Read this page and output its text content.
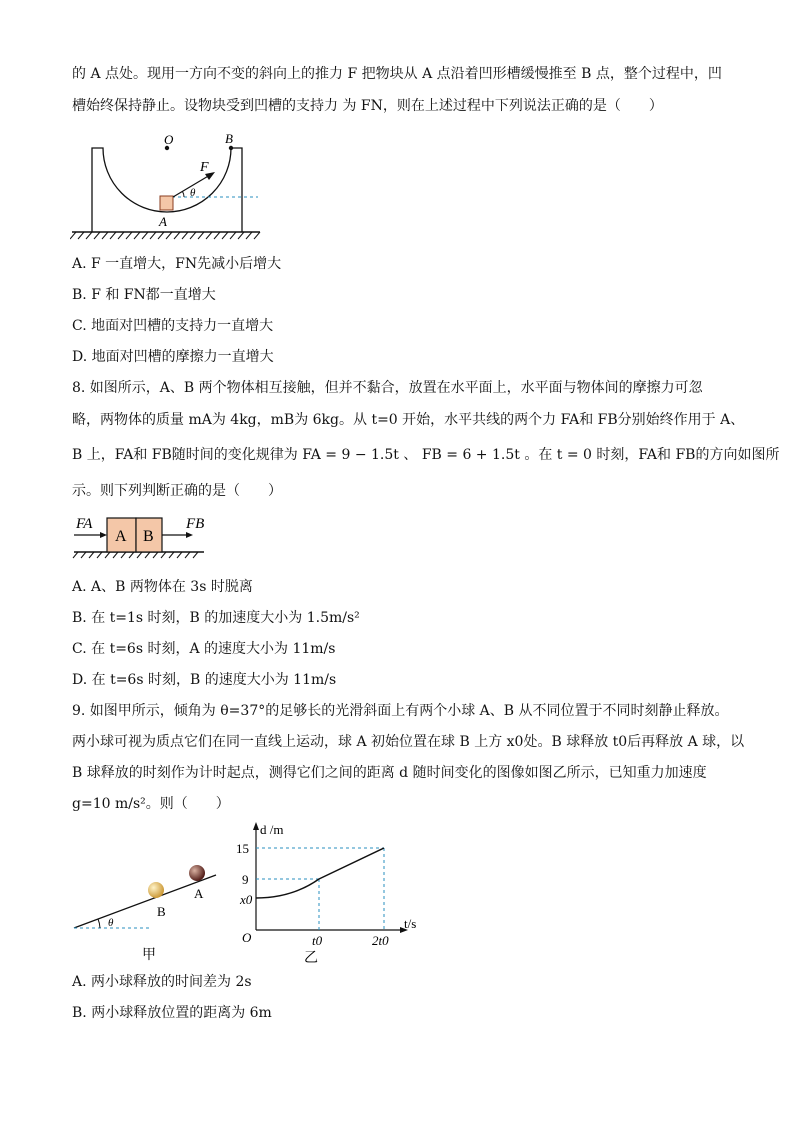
的 A 点处。现用一方向不变的斜向上的推力 F 把物块从 A 点沿着凹形槽缓慢推至 B 点，整个过程中，凹
槽始终保持静止。设物块受到凹槽的支持力 为 FN，则在上述过程中下列说法正确的是（　　）
O	B
F
θ
A
A. F 一直增大，FN先减小后增大
B. F 和 FN都一直增大
C. 地面对凹槽的支持力一直增大
D. 地面对凹槽的摩擦力一直增大
8. 如图所示，A、B 两个物体相互接触，但并不黏合，放置在水平面上，水平面与物体间的摩擦力可忽
略，两物体的质量 mA为 4kg，mB为 6kg。从 t=0 开始，水平共线的两个力 FA和 FB分别始终作用于 A、
B 上，FA和 FB随时间的变化规律为 FA = 9 − 1.5t 、 FB = 6 + 1.5t 。在 t = 0 时刻，FA和 FB的方向如图所
示。则下列判断正确的是（　　）
A B
FA	FB
A. A、B 两物体在 3s 时脱离
B. 在 t=1s 时刻，B 的加速度大小为 1.5m/s²
C. 在 t=6s 时刻，A 的速度大小为 11m/s
D. 在 t=6s 时刻，B 的速度大小为 11m/s
9. 如图甲所示，倾角为 θ=37°的足够长的光滑斜面上有两个小球 A、B 从不同位置于不同时刻静止释放。
两小球可视为质点它们在同一直线上运动，球 A 初始位置在球 B 上方 x0处。B 球释放 t0后再释放 A 球，以
B 球释放的时刻作为计时起点，测得它们之间的距离 d 随时间变化的图像如图乙所示，已知重力加速度
g=10 m/s²。则（　　）
θ
B
A
甲
d /m
t/s
O
15
9
x0
t0	2t0
乙
A. 两小球释放的时间差为 2s
B. 两小球释放位置的距离为 6m
